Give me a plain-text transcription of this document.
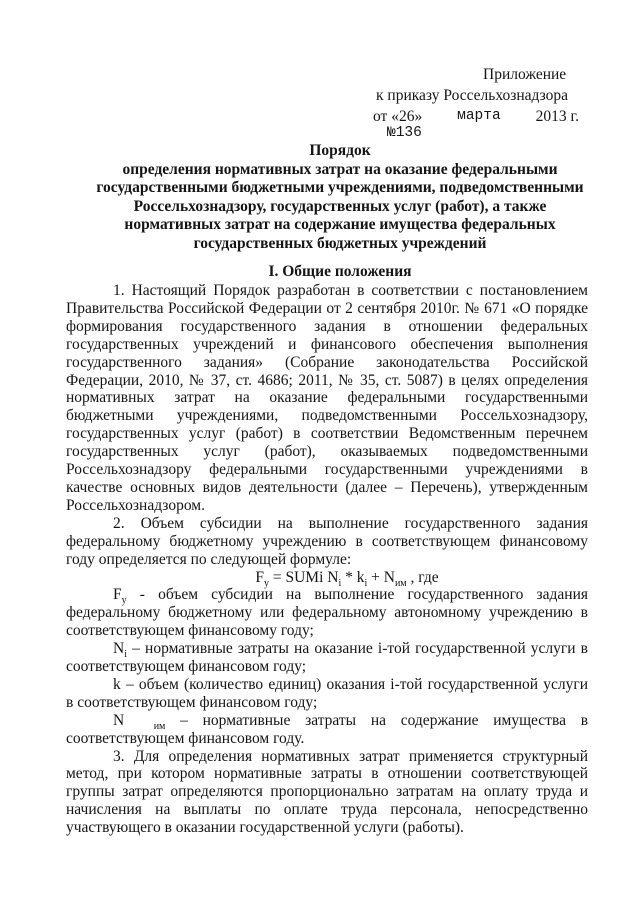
Приложение
к приказу Россельхознадзора
от «26» марта 2013 г.
№136
Порядок
определения нормативных затрат на оказание федеральными
государственными бюджетными учреждениями, подведомственными
Россельхознадзору, государственных услуг (работ), а также
нормативных затрат на содержание имущества федеральных
государственных бюджетных учреждений
I. Общие положения

1. Настоящий Порядок разработан в соответствии с постановлением Правительства Российской Федерации от 2 сентября 2010г. № 671 «О порядке формирования государственного задания в отношении федеральных государственных учреждений и финансового обеспечения выполнения государственного задания» (Собрание законодательства Российской Федерации, 2010, № 37, ст. 4686; 2011, № 35, ст. 5087) в целях определения нормативных затрат на оказание федеральными государственными бюджетными учреждениями, подведомственными Россельхознадзору, государственных услуг (работ) в соответствии Ведомственным перечнем государственных услуг (работ), оказываемых подведомственными Россельхознадзору федеральными государственными учреждениями в качестве основных видов деятельности (далее – Перечень), утвержденным Россельхознадзором.

2. Объем субсидии на выполнение государственного задания федеральному бюджетному учреждению в соответствующем финансовому году определяется по следующей формуле:

$F_y$ = SUMi $N_i * k_i + N_{им}$ , где

$F_y$ - объем субсидии на выполнение государственного задания федеральному бюджетному или федеральному автономному учреждению в соответствующем финансовому году;

$N_i$ – нормативные затраты на оказание i-той государственной услуги в соответствующем финансовом году;

k – объем (количество единиц) оказания i-той государственной услуги в соответствующем финансовом году;

N	$_{им}$ – нормативные затраты на содержание имущества в соответствующем финансовом году.

3. Для определения нормативных затрат применяется структурный метод, при котором нормативные затраты в отношении соответствующей группы затрат определяются пропорционально затратам на оплату труда и начисления на выплаты по оплате труда персонала, непосредственно участвующего в оказании государственной услуги (работы).
